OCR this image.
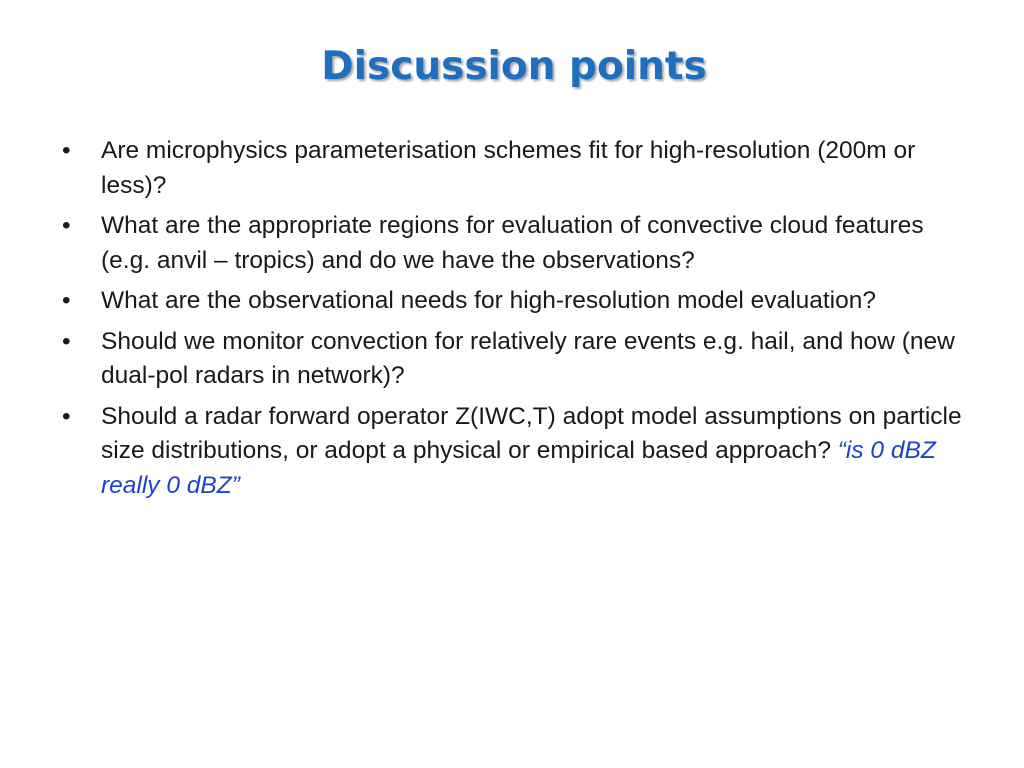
Discussion points
•	Are microphysics parameterisation schemes fit for high-resolution (200m or less)?
•	What are the appropriate regions for evaluation of convective cloud features (e.g. anvil – tropics) and do we have the observations?
•	What are the observational needs for high-resolution model evaluation?
•	Should we monitor convection for relatively rare events e.g. hail, and how (new dual-pol radars in network)?
•	Should a radar forward operator Z(IWC,T) adopt model assumptions on particle size distributions, or adopt a physical or empirical based approach? “is 0 dBZ really 0 dBZ”
